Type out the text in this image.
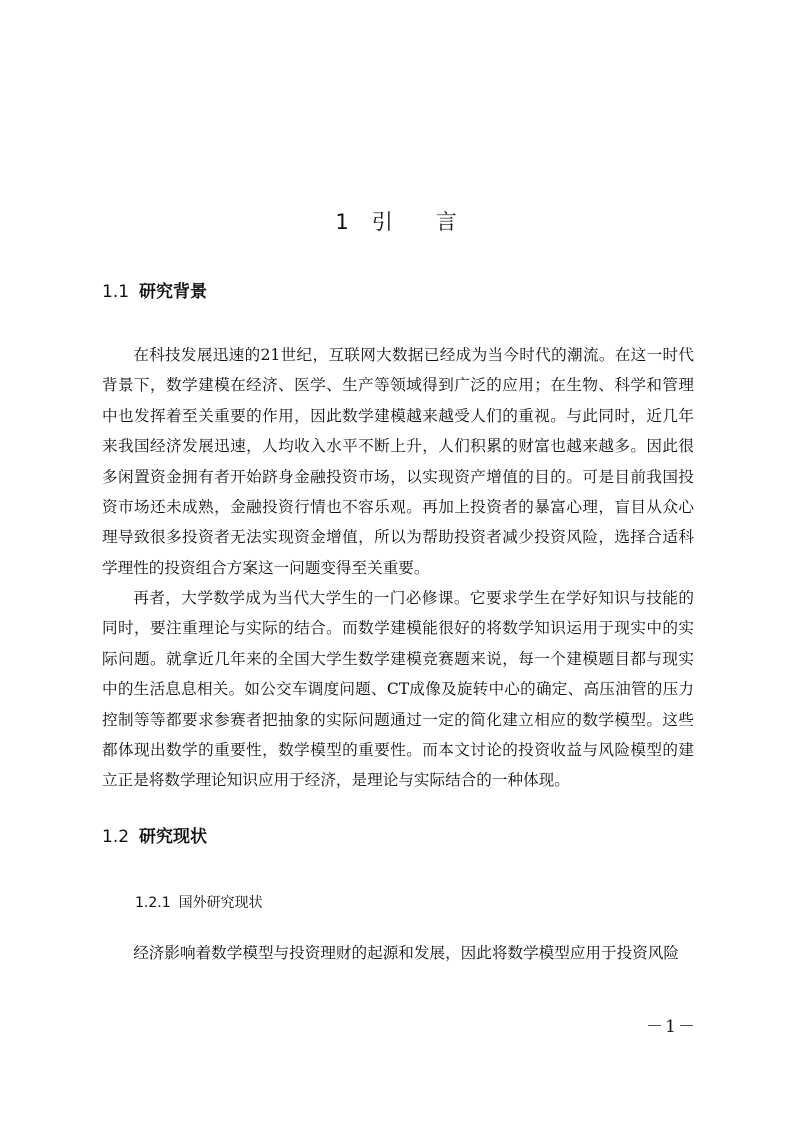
1 引 言
1.1 研究背景

在科技发展迅速的21世纪，互联网大数据已经成为当今时代的潮流。在这一时代背景下，数学建模在经济、医学、生产等领域得到广泛的应用；在生物、科学和管理中也发挥着至关重要的作用，因此数学建模越来越受人们的重视。与此同时，近几年来我国经济发展迅速，人均收入水平不断上升，人们积累的财富也越来越多。因此很多闲置资金拥有者开始跻身金融投资市场，以实现资产增值的目的。可是目前我国投资市场还未成熟，金融投资行情也不容乐观。再加上投资者的暴富心理，盲目从众心理导致很多投资者无法实现资金增值，所以为帮助投资者减少投资风险，选择合适科学理性的投资组合方案这一问题变得至关重要。

再者，大学数学成为当代大学生的一门必修课。它要求学生在学好知识与技能的同时，要注重理论与实际的结合。而数学建模能很好的将数学知识运用于现实中的实际问题。就拿近几年来的全国大学生数学建模竞赛题来说，每一个建模题目都与现实中的生活息息相关。如公交车调度问题、CT成像及旋转中心的确定、高压油管的压力控制等等都要求参赛者把抽象的实际问题通过一定的简化建立相应的数学模型。这些都体现出数学的重要性，数学模型的重要性。而本文讨论的投资收益与风险模型的建立正是将数学理论知识应用于经济，是理论与实际结合的一种体现。

1.2 研究现状
1.2.1 国外研究现状

经济影响着数学模型与投资理财的起源和发展，因此将数学模型应用于投资风险

－1－
